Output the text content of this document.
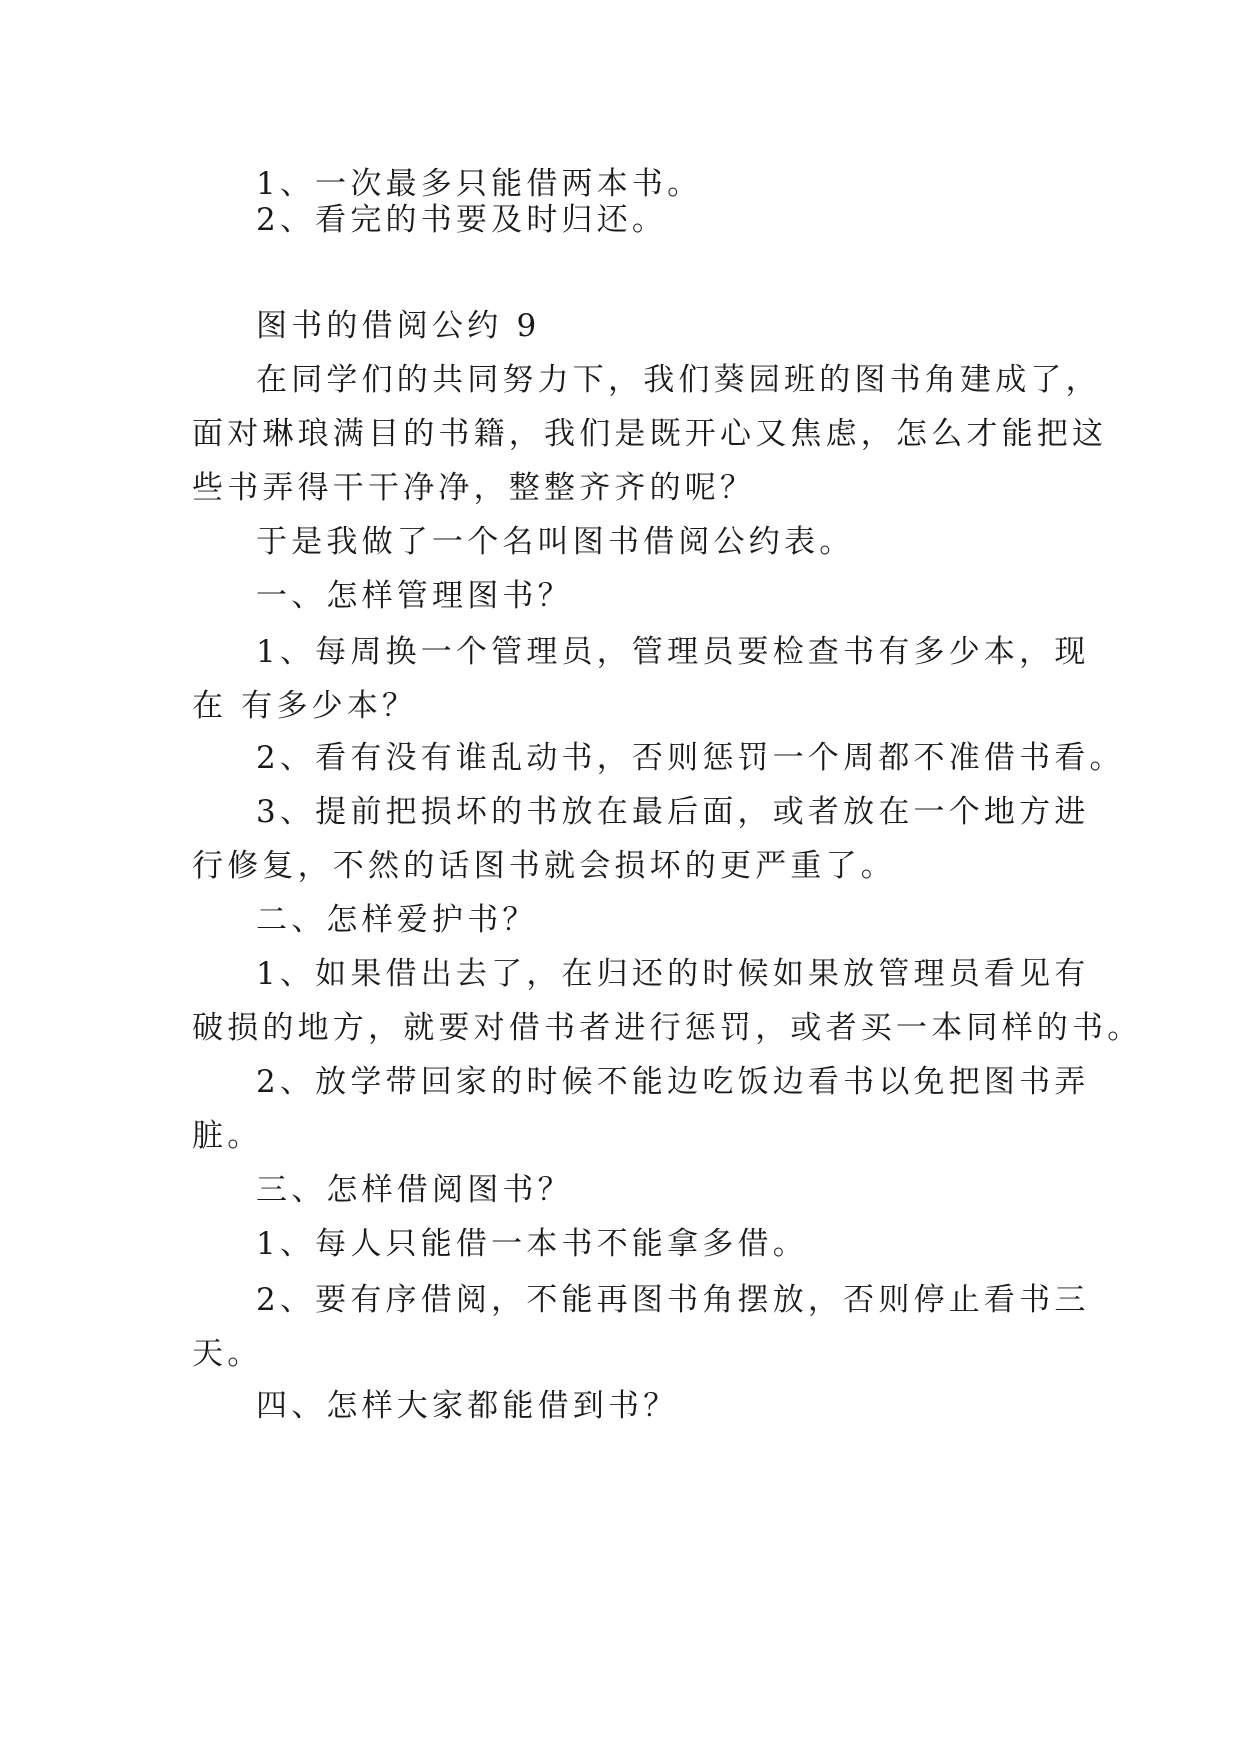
1、一次最多只能借两本书。
2、看完的书要及时归还。
图书的借阅公约 9
在同学们的共同努力下，我们葵园班的图书角建成了，
面对琳琅满目的书籍，我们是既开心又焦虑，怎么才能把这
些书弄得干干净净，整整齐齐的呢？
于是我做了一个名叫图书借阅公约表。
一、怎样管理图书？
1、每周换一个管理员，管理员要检查书有多少本，现
在 有多少本？
2、看有没有谁乱动书，否则惩罚一个周都不准借书看。
3、提前把损坏的书放在最后面，或者放在一个地方进
行修复，不然的话图书就会损坏的更严重了。
二、怎样爱护书？
1、如果借出去了，在归还的时候如果放管理员看见有
破损的地方，就要对借书者进行惩罚，或者买一本同样的书。
2、放学带回家的时候不能边吃饭边看书以免把图书弄
脏。
三、怎样借阅图书？
1、每人只能借一本书不能拿多借。
2、要有序借阅，不能再图书角摆放，否则停止看书三
天。
四、怎样大家都能借到书？
